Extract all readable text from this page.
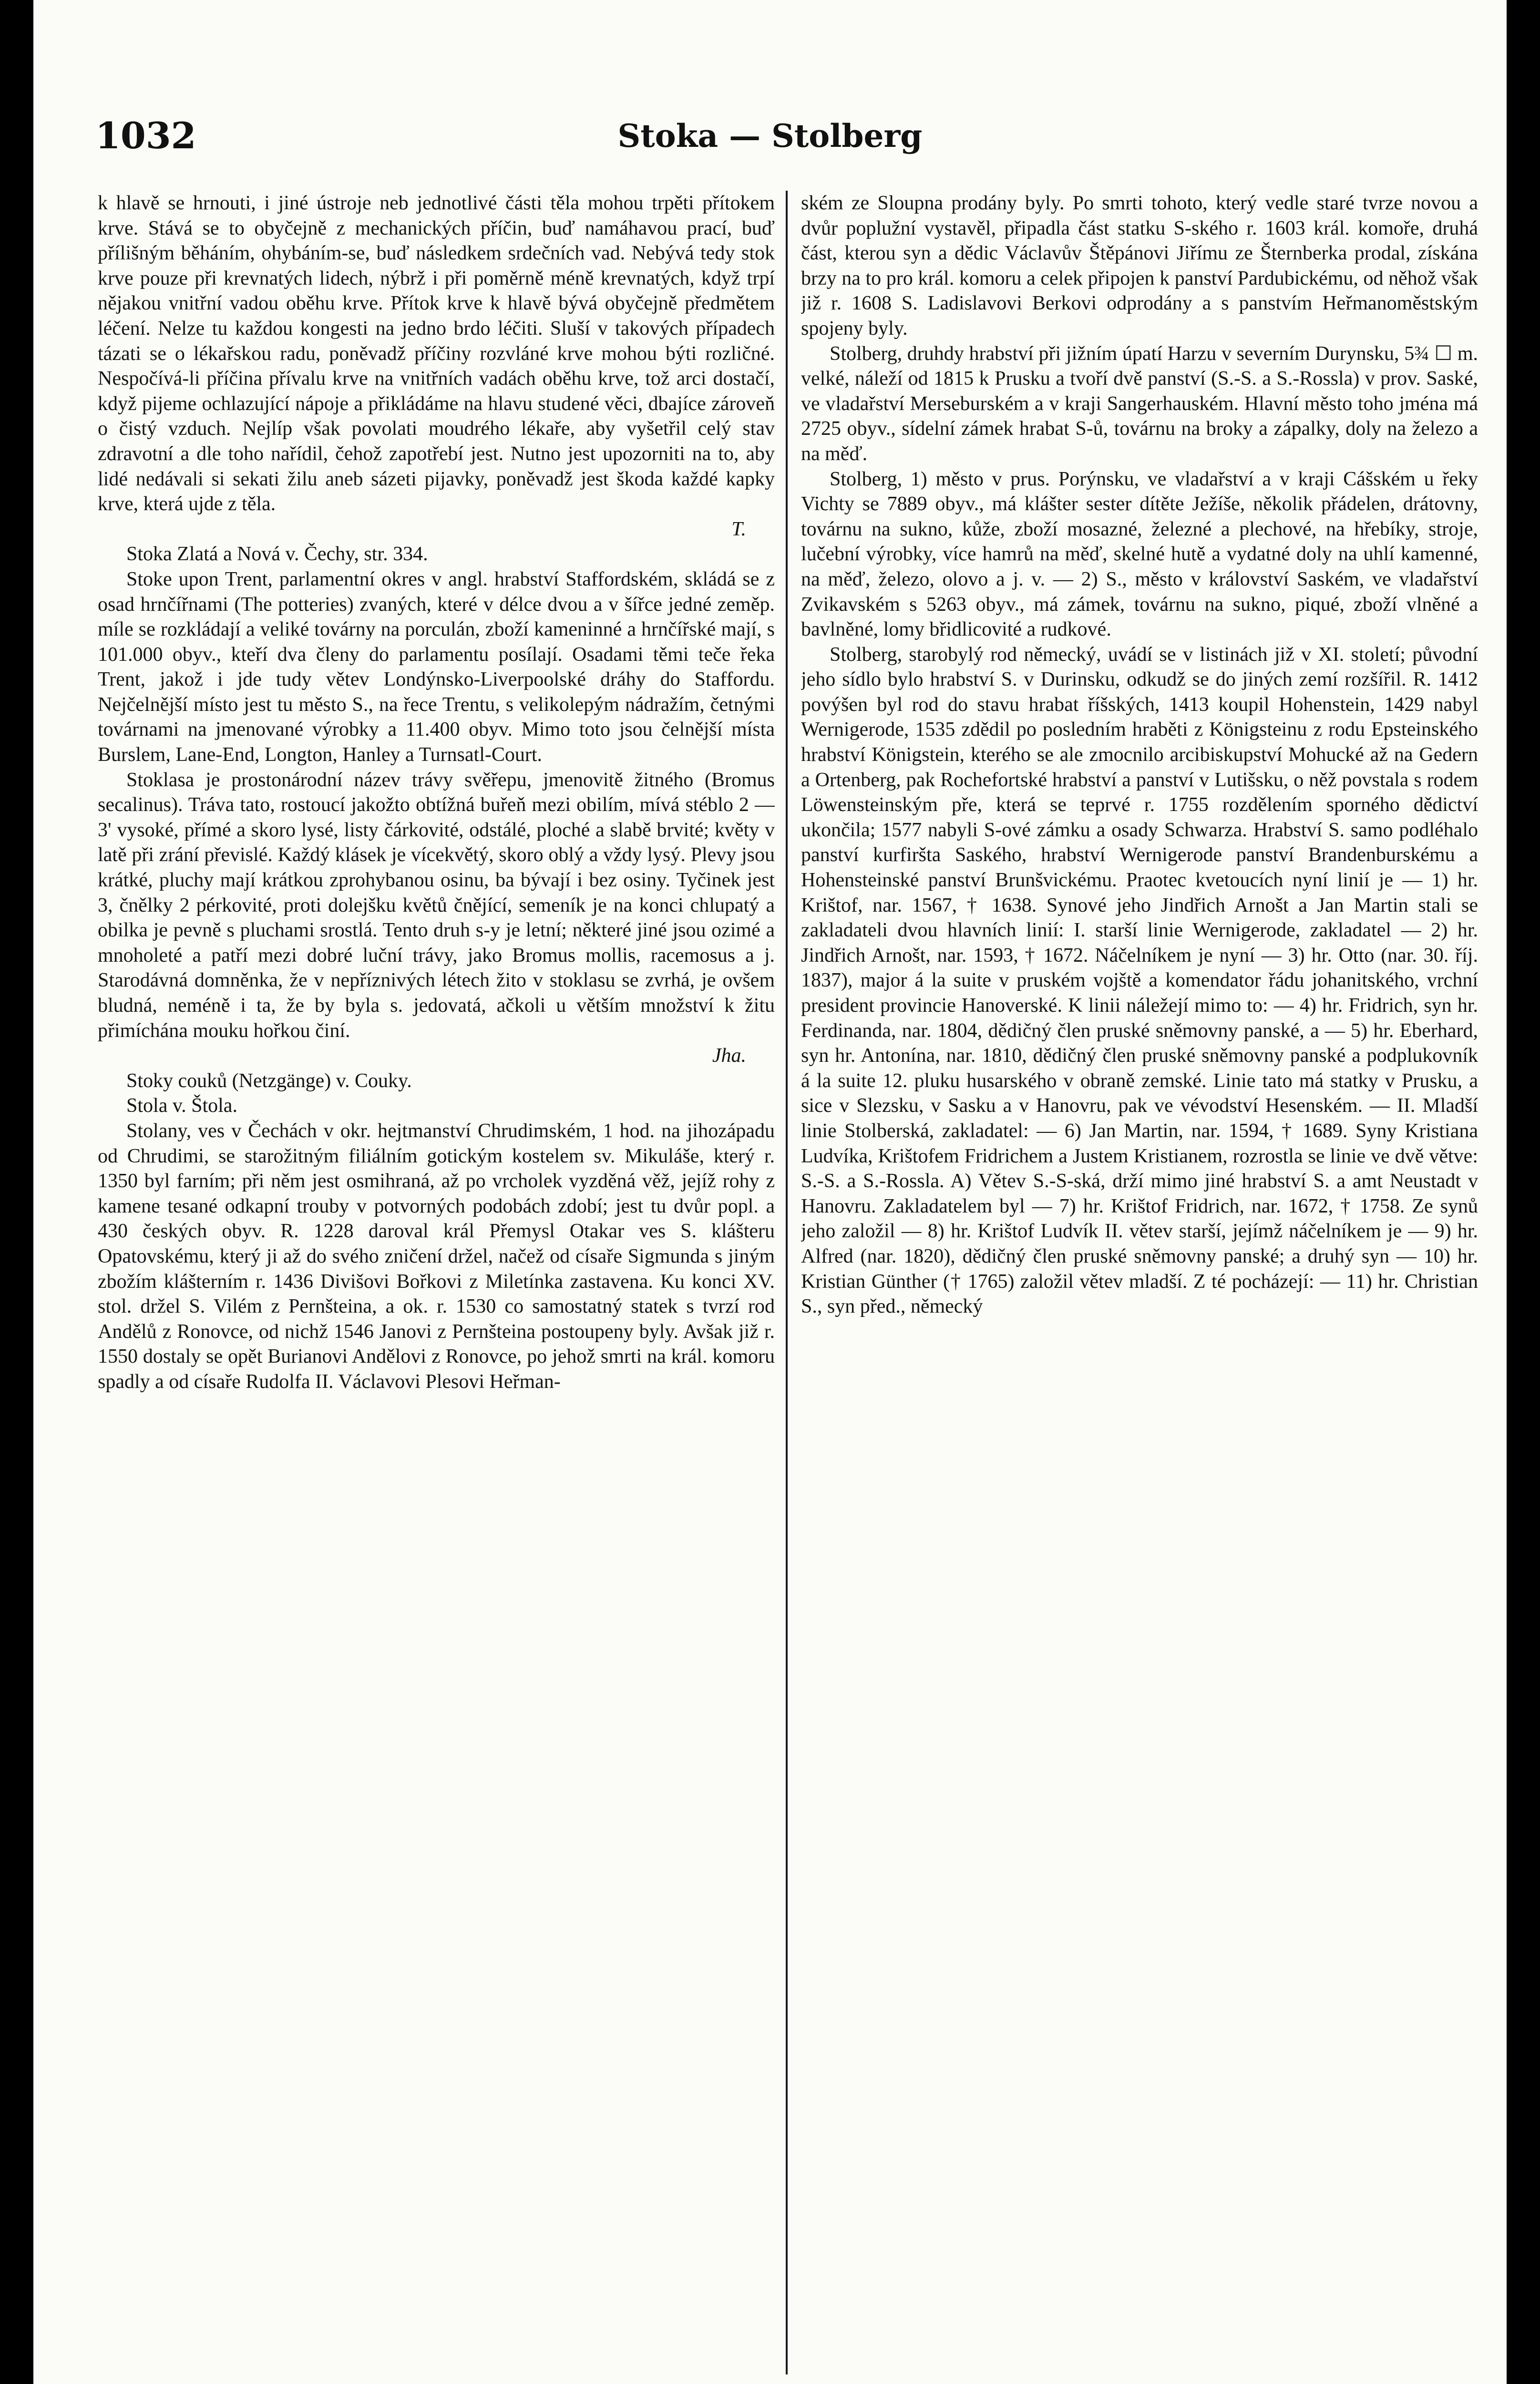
1032	Stoka — Stolberg

k hlavě se hrnouti, i jiné ústroje neb jednotlivé části těla mohou trpěti přítokem krve. Stává se to obyčejně z mechanických příčin, buď namáhavou prací, buď přílišným běháním, ohybáním-se, buď následkem srdečních vad. Nebývá tedy stok krve pouze při krevnatých lidech, nýbrž i při poměrně méně krevnatých, když trpí nějakou vnitřní vadou oběhu krve. Přítok krve k hlavě bývá obyčejně předmětem léčení. Nelze tu každou kongesti na jedno brdo léčiti. Sluší v takových případech tázati se o lékařskou radu, poněvadž příčiny rozvláné krve mohou býti rozličné. Nespočívá-li příčina přívalu krve na vnitřních vadách oběhu krve, tož arci dostačí, když pijeme ochlazující nápoje a přikládáme na hlavu studené věci, dbajíce zároveň o čistý vzduch. Nejlíp však povolati moudrého lékaře, aby vyšetřil celý stav zdravotní a dle toho nařídil, čehož zapotřebí jest. Nutno jest upozorniti na to, aby lidé nedávali si sekati žilu aneb sázeti pijavky, poněvadž jest škoda každé kapky krve, která ujde z těla.

T.

Stoka Zlatá a Nová v. Čechy, str. 334.

Stoke upon Trent, parlamentní okres v angl. hrabství Staffordském, skládá se z osad hrnčířnami (The potteries) zvaných, které v délce dvou a v šířce jedné zeměp. míle se rozkládají a veliké továrny na porculán, zboží kameninné a hrnčířské mají, s 101.000 obyv., kteří dva členy do parlamentu posílají. Osadami těmi teče řeka Trent, jakož i jde tudy větev Londýnsko-Liverpoolské dráhy do Staffordu. Nejčelnější místo jest tu město S., na řece Trentu, s velikolepým nádražím, četnými továrnami na jmenované výrobky a 11.400 obyv. Mimo toto jsou čelnější místa Burslem, Lane-End, Longton, Hanley a Turnsatl-Court.

Stoklasa je prostonárodní název trávy svěřepu, jmenovitě žitného (Bromus secalinus). Tráva tato, rostoucí jakožto obtížná buřeň mezi obilím, mívá stéblo 2 — 3' vysoké, přímé a skoro lysé, listy čárkovité, odstálé, ploché a slabě brvité; květy v latě při zrání převislé. Každý klásek je vícekvětý, skoro oblý a vždy lysý. Plevy jsou krátké, pluchy mají krátkou zprohybanou osinu, ba bývají i bez osiny. Tyčinek jest 3, čnělky 2 pérkovité, proti dolejšku květů čnějící, semeník je na konci chlupatý a obilka je pevně s pluchami srostlá. Tento druh s-y je letní; některé jiné jsou ozimé a mnoholeté a patří mezi dobré luční trávy, jako Bromus mollis, racemosus a j. Starodávná domněnka, že v nepříznivých létech žito v stoklasu se zvrhá, je ovšem bludná, neméně i ta, že by byla s. jedovatá, ačkoli u větším množství k žitu přimíchána mouku hořkou činí.

Jha.

Stoky couků (Netzgänge) v. Couky.

Stola v. Štola.

Stolany, ves v Čechách v okr. hejtmanství Chrudimském, 1 hod. na jihozápadu od Chrudimi, se starožitným filiálním gotickým kostelem sv. Mikuláše, který r. 1350 byl farním; při něm jest osmihraná, až po vrcholek vyzděná věž, jejíž rohy z kamene tesané odkapní trouby v potvorných podobách zdobí; jest tu dvůr popl. a 430 českých obyv. R. 1228 daroval král Přemysl Otakar ves S. klášteru Opatovskému, který ji až do svého zničení držel, načež od císaře Sigmunda s jiným zbožím klášterním r. 1436 Divišovi Bořkovi z Miletínka zastavena. Ku konci XV. stol. držel S. Vilém z Pernšteina, a ok. r. 1530 co samostatný statek s tvrzí rod Andělů z Ronovce, od nichž 1546 Janovi z Pernšteina postoupeny byly. Avšak již r. 1550 dostaly se opět Burianovi Andělovi z Ronovce, po jehož smrti na král. komoru spadly a od císaře Rudolfa II. Václavovi Plesovi Heřman-

ském ze Sloupna prodány byly. Po smrti tohoto, který vedle staré tvrze novou a dvůr poplužní vystavěl, připadla část statku S-ského r. 1603 král. komoře, druhá část, kterou syn a dědic Václavův Štěpánovi Jiřímu ze Šternberka prodal, získána brzy na to pro král. komoru a celek připojen k panství Pardubickému, od něhož však již r. 1608 S. Ladislavovi Berkovi odprodány a s panstvím Heřmanoměstským spojeny byly.

Stolberg, druhdy hrabství při jižním úpatí Harzu v severním Durynsku, 5¾ ☐ m. velké, náleží od 1815 k Prusku a tvoří dvě panství (S.-S. a S.-Rossla) v prov. Saské, ve vladařství Merseburském a v kraji Sangerhauském. Hlavní město toho jména má 2725 obyv., sídelní zámek hrabat S-ů, továrnu na broky a zápalky, doly na železo a na měď.

Stolberg, 1) město v prus. Porýnsku, ve vladařství a v kraji Cášském u řeky Vichty se 7889 obyv., má klášter sester dítěte Ježíše, několik přádelen, drátovny, továrnu na sukno, kůže, zboží mosazné, železné a plechové, na hřebíky, stroje, lučební výrobky, více hamrů na měď, skelné hutě a vydatné doly na uhlí kamenné, na měď, železo, olovo a j. v. — 2) S., město v království Saském, ve vladařství Zvikavském s 5263 obyv., má zámek, továrnu na sukno, piqué, zboží vlněné a bavlněné, lomy břidlicovité a rudkové.

Stolberg, starobylý rod německý, uvádí se v listinách již v XI. století; původní jeho sídlo bylo hrabství S. v Durinsku, odkudž se do jiných zemí rozšířil. R. 1412 povýšen byl rod do stavu hrabat říšských, 1413 koupil Hohenstein, 1429 nabyl Wernigerode, 1535 zdědil po posledním hraběti z Königsteinu z rodu Epsteinského hrabství Königstein, kterého se ale zmocnilo arcibiskupství Mohucké až na Gedern a Ortenberg, pak Rochefortské hrabství a panství v Lutišsku, o něž povstala s rodem Löwensteinským pře, která se teprvé r. 1755 rozdělením sporného dědictví ukončila; 1577 nabyli S-ové zámku a osady Schwarza. Hrabství S. samo podléhalo panství kurfiršta Saského, hrabství Wernigerode panství Brandenburskému a Hohensteinské panství Brunšvickému. Praotec kvetoucích nyní linií je — 1) hr. Krištof, nar. 1567, † 1638. Synové jeho Jindřich Arnošt a Jan Martin stali se zakladateli dvou hlavních linií: I. starší linie Wernigerode, zakladatel — 2) hr. Jindřich Arnošt, nar. 1593, † 1672. Náčelníkem je nyní — 3) hr. Otto (nar. 30. říj. 1837), major á la suite v pruském vojště a komendator řádu johanitského, vrchní president provincie Hanoverské. K linii náležejí mimo to: — 4) hr. Fridrich, syn hr. Ferdinanda, nar. 1804, dědičný člen pruské sněmovny panské, a — 5) hr. Eberhard, syn hr. Antonína, nar. 1810, dědičný člen pruské sněmovny panské a podplukovník á la suite 12. pluku husarského v obraně zemské. Linie tato má statky v Prusku, a sice v Slezsku, v Sasku a v Hanovru, pak ve vévodství Hesenském. — II. Mladší linie Stolberská, zakladatel: — 6) Jan Martin, nar. 1594, † 1689. Syny Kristiana Ludvíka, Krištofem Fridrichem a Justem Kristianem, rozrostla se linie ve dvě větve: S.-S. a S.-Rossla. A) Větev S.-S-ská, drží mimo jiné hrabství S. a amt Neustadt v Hanovru. Zakladatelem byl — 7) hr. Krištof Fridrich, nar. 1672, † 1758. Ze synů jeho založil — 8) hr. Krištof Ludvík II. větev starší, jejímž náčelníkem je — 9) hr. Alfred (nar. 1820), dědičný člen pruské sněmovny panské; a druhý syn — 10) hr. Kristian Günther († 1765) založil větev mladší. Z té pocházejí: — 11) hr. Christian S., syn před., německý
